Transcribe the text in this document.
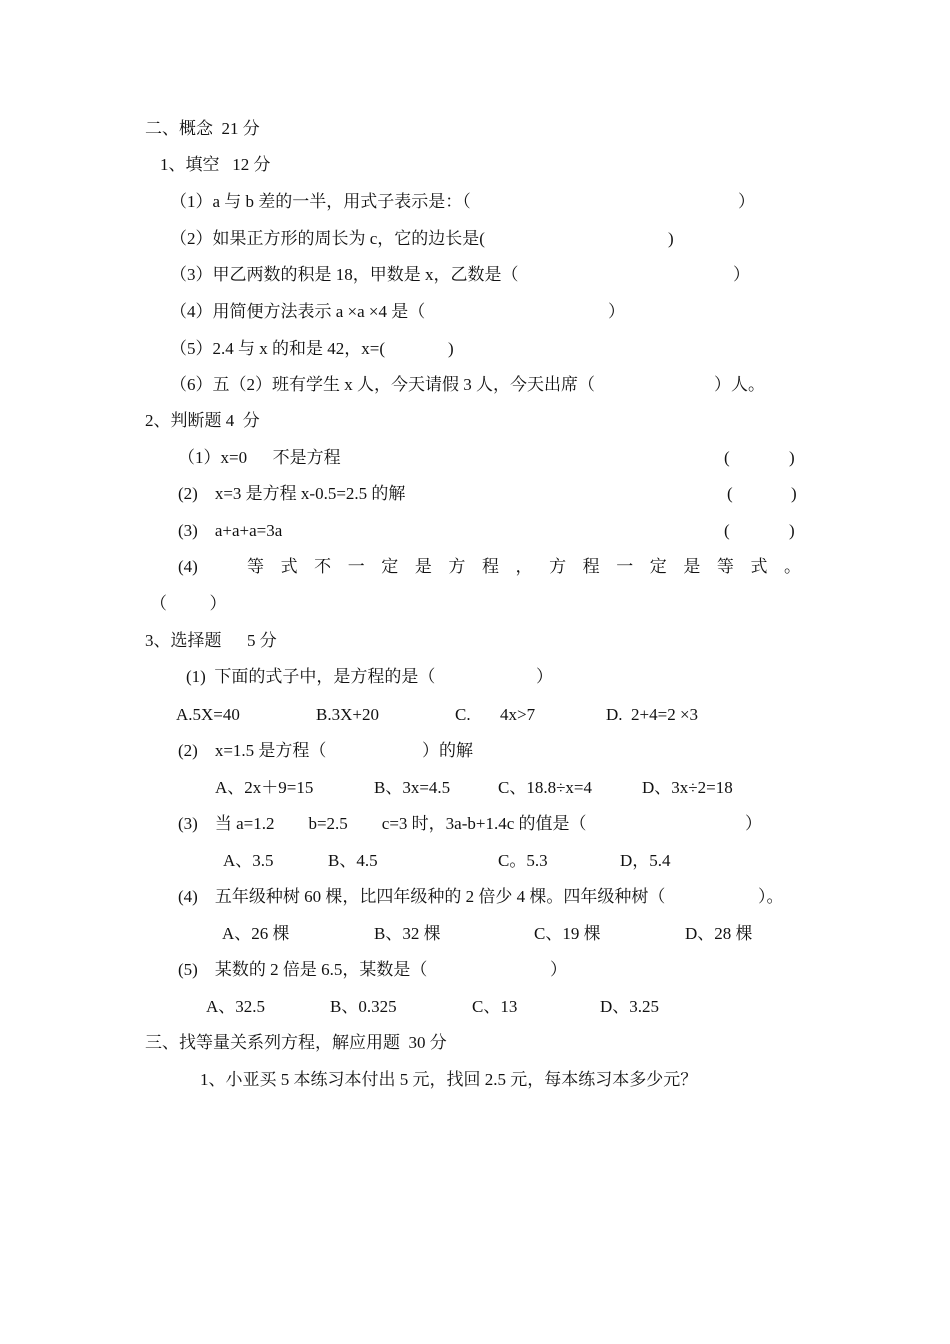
二、概念  21 分
1、填空   12 分
（1）a 与 b 差的一半，用式子表示是：（	）
（2）如果正方形的周长为 c，它的边长是(	)
（3）甲乙两数的积是 18，甲数是 x，乙数是（	）
（4）用简便方法表示 a ×a ×4 是（	）
（5）2.4 与 x 的和是 42，x=(	)
（6）五（2）班有学生 x 人，今天请假 3 人，今天出席（	）人。
2、判断题 4  分
（1）x=0      不是方程	(	)
(2)    x=3 是方程 x-0.5=2.5 的解	(	)
(3)    a+a+a=3a	(	)
(4)	等 式 不 一 定 是 方 程 ， 方 程 一 定 是 等 式 。
（          ）
3、选择题      5 分
(1)  下面的式子中，是方程的是（	）
A.5X=40	B.3X+20	C. 4x>7	D.  2+4=2 ×3
(2)    x=1.5 是方程（	）的解
A、2x＋9=15	B、3x=4.5	C、18.8÷x=4	D、3x÷2=18
(3)    当 a=1.2        b=2.5        c=3 时，3a-b+1.4c 的值是（	）
A、3.5	B、4.5	C。5.3	D，5.4
(4)    五年级种树 60 棵，比四年级种的 2 倍少 4 棵。四年级种树（	）。
A、26 棵	B、32 棵	C、19 棵	D、28 棵
(5)    某数的 2 倍是 6.5，某数是（	）
A、32.5	B、0.325	C、13	D、3.25
三、找等量关系列方程，解应用题  30 分
1、小亚买 5 本练习本付出 5 元，找回 2.5 元，每本练习本多少元？
